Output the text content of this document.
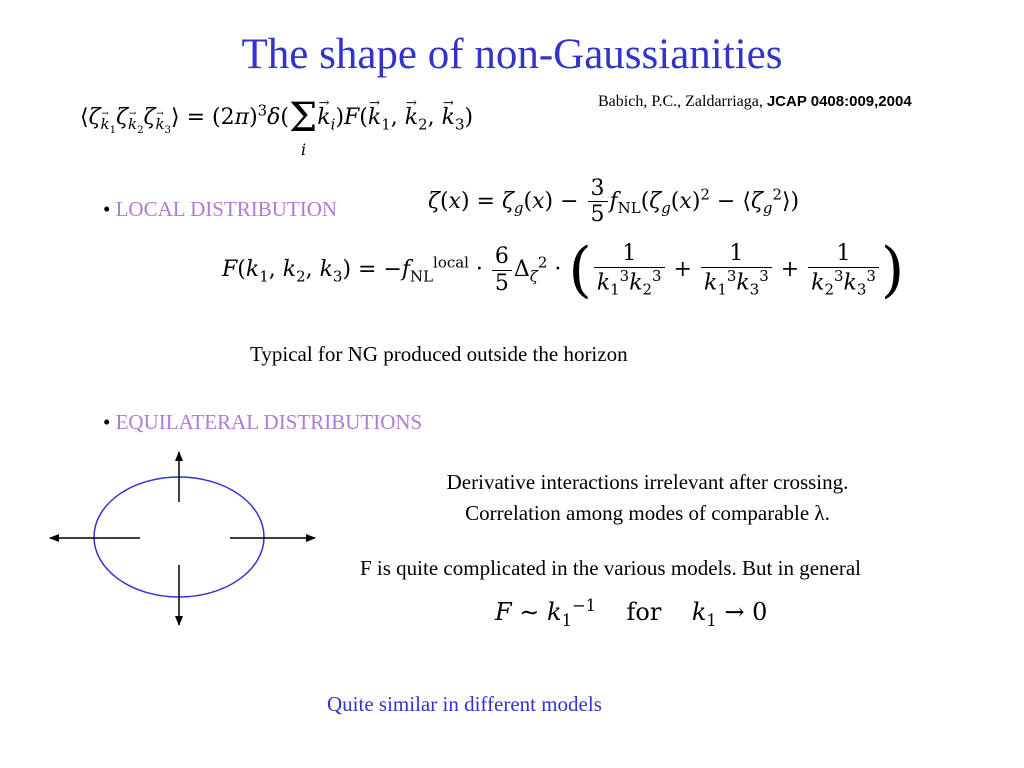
The shape of non-Gaussianities
Babich, P.C., Zaldarriaga, JCAP 0408:009,2004
⟨ζ→ $_{k_1}$ζ→ $_{k_2}$ζ→ $_{k_3}$⟩ = $(2\pi)^3\delta(\Sigma$
i
→ $k_i)F(\to k_1$, → $k_2$, → $k_3$)
• LOCAL DISTRIBUTION	$\zeta(x) = \zeta_g(x) - \frac{3}{5} f_{NL}(\zeta_g(x)^2$ − $⟨\zeta_g^2⟩$)
$F(k_1$, $k_2$, $k_3) = -f_{NL}^{local} \cdot \frac{6}{5} \Delta_\zeta^2$ · ( $\frac{1}{k_1^3k_2^3} + \frac{1}{k_1^3k_3^3} + \frac{1}{k_2^3k_3^3}$ )
Typical for NG produced outside the horizon
• EQUILATERAL DISTRIBUTIONS
Derivative interactions irrelevant after crossing.
Correlation among modes of comparable λ.
F is quite complicated in the various models. But in general
F ∼ $k_1^{-1}$    for    $k_1 \to 0$
Quite similar in different models
